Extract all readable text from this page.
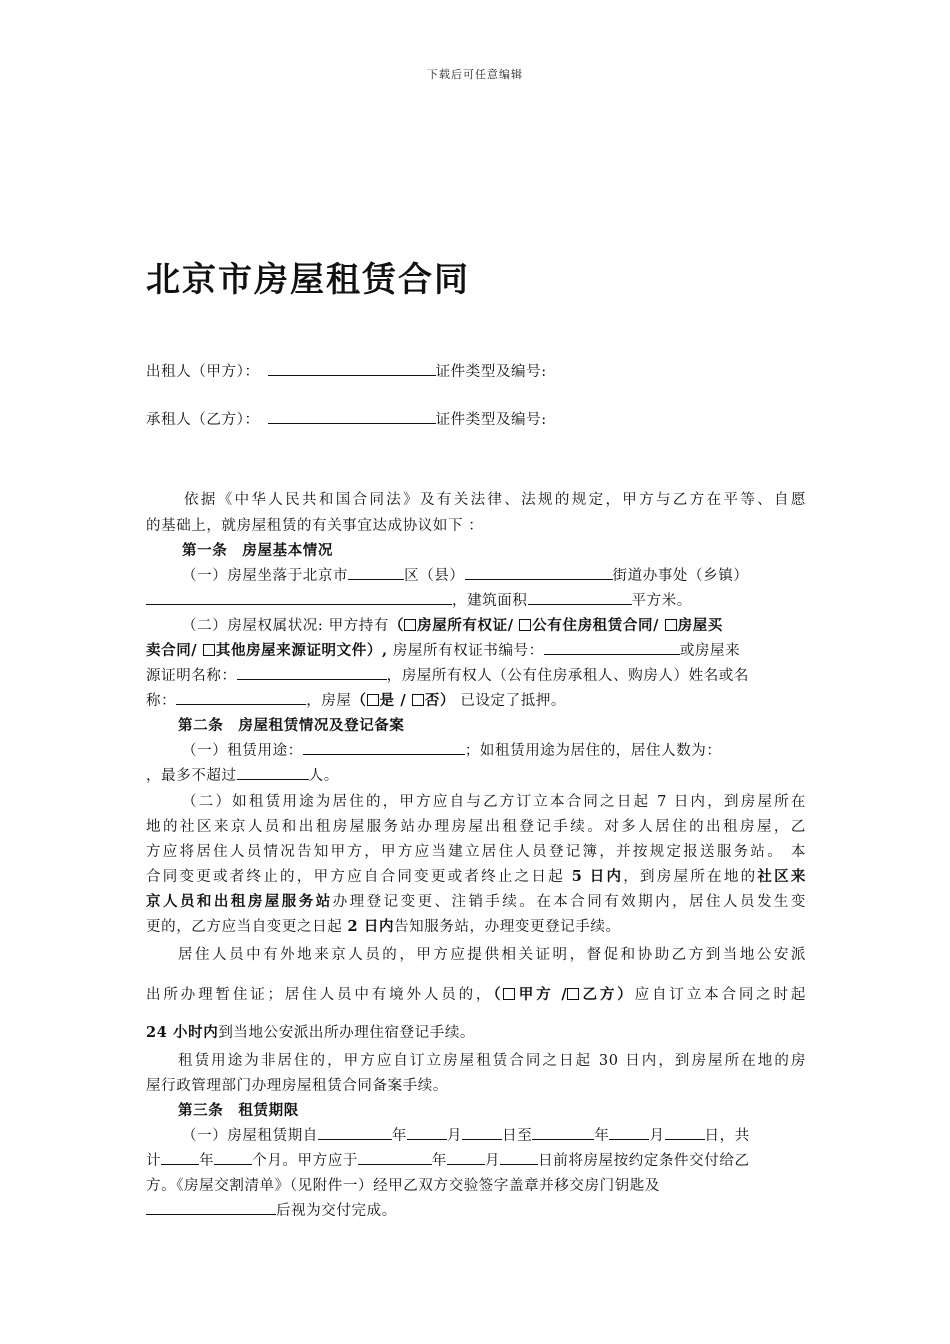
下载后可任意编辑
北京市房屋租赁合同
出租人（甲方）：	证件类型及编号:
承租人（乙方）：	证件类型及编号:
依据《中华人民共和国合同法》及有关法律、法规的规定，甲方与乙方在平等、自愿
的基础上，就房屋租赁的有关事宜达成协议如下 ：
第一条　房屋基本情况
（一）房屋坐落于北京市	区（县）	街道办事处（乡镇）
，建筑面积	平方米。
（二）房屋权属状况: 甲方持有（ 房屋所有权证/ 公有住房租赁合同/ 房屋买
卖合同/ 其他房屋来源证明文件）, 房屋所有权证书编号：	或房屋来
源证明名称：	，房屋所有权人（公有住房承租人、购房人）姓名或名
称：	，房屋（ 是 / 否） 已设定了抵押。
第二条　房屋租赁情况及登记备案
（一）租赁用途：	；如租赁用途为居住的，居住人数为：
，最多不超过	人。
（二）如租赁用途为居住的，甲方应自与乙方订立本合同之日起 7 日内，到房屋所在
地的社区来京人员和出租房屋服务站办理房屋出租登记手续。对多人居住的出租房屋，乙
方应将居住人员情况告知甲方，甲方应当建立居住人员登记簿，并按规定报送服务站。 本
合同变更或者终止的，甲方应自合同变更或者终止之日起 5 日内，到房屋所在地的社区来
京人员和出租房屋服务站办理登记变更、注销手续。在本合同有效期内，居住人员发生变
更的，乙方应当自变更之日起 2 日内告知服务站，办理变更登记手续。
居住人员中有外地来京人员的，甲方应提供相关证明，督促和协助乙方到当地公安派
出所办理暂住证；居住人员中有境外人员的，（ 甲方 / 乙方）应自订立本合同之时起
24 小时内到当地公安派出所办理住宿登记手续。
租赁用途为非居住的，甲方应自订立房屋租赁合同之日起 30 日内，到房屋所在地的房
屋行政管理部门办理房屋租赁合同备案手续。
第三条　租赁期限
（一）房屋租赁期自	年	月	日至	年	月	日，共
计	年	个月。甲方应于	年	月	日前将房屋按约定条件交付给乙
方。《房屋交割清单》（见附件一）经甲乙双方交验签字盖章并移交房门钥匙及
后视为交付完成。
